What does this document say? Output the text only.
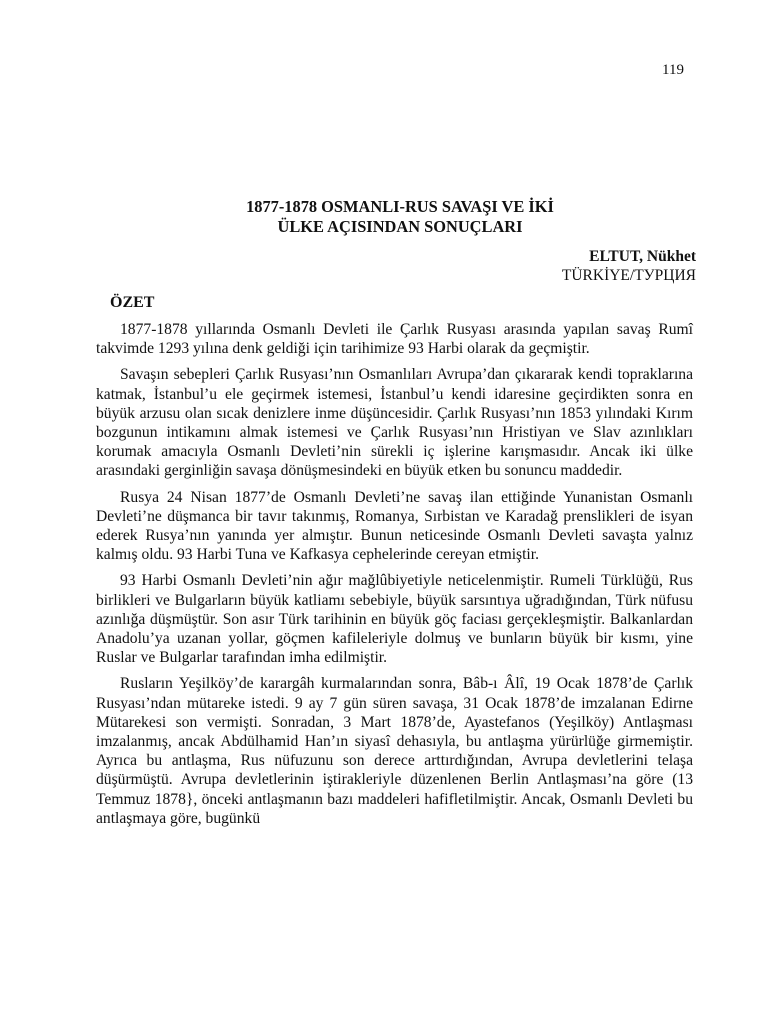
119
1877-1878 OSMANLI-RUS SAVAŞI VE İKİ
ÜLKE AÇISINDAN SONUÇLARI
ELTUT, Nükhet
TÜRKİYE/ТУРЦИЯ
ÖZET

1877-1878 yıllarında Osmanlı Devleti ile Çarlık Rusyası arasında yapılan savaş Rumî takvimde 1293 yılına denk geldiği için tarihimize 93 Harbi olarak da geçmiştir.

Savaşın sebepleri Çarlık Rusyası’nın Osmanlıları Avrupa’dan çıkararak kendi topraklarına katmak, İstanbul’u ele geçirmek istemesi, İstanbul’u kendi idaresine geçirdikten sonra en büyük arzusu olan sıcak denizlere inme düşüncesidir. Çarlık Rusyası’nın 1853 yılındaki Kırım bozgunun intikamını almak istemesi ve Çarlık Rusyası’nın Hristiyan ve Slav azınlıkları korumak amacıyla Osmanlı Devleti’nin sürekli iç işlerine karışmasıdır. Ancak iki ülke arasındaki gerginliğin savaşa dönüşmesindeki en büyük etken bu sonuncu maddedir.

Rusya 24 Nisan 1877’de Osmanlı Devleti’ne savaş ilan ettiğinde Yunanistan Osmanlı Devleti’ne düşmanca bir tavır takınmış, Romanya, Sırbistan ve Karadağ prenslikleri de isyan ederek Rusya’nın yanında yer almıştır. Bunun neticesinde Osmanlı Devleti savaşta yalnız kalmış oldu. 93 Harbi Tuna ve Kafkasya cephelerinde cereyan etmiştir.

93 Harbi Osmanlı Devleti’nin ağır mağlûbiyetiyle neticelenmiştir. Rumeli Türklüğü, Rus birlikleri ve Bulgarların büyük katliamı sebebiyle, büyük sarsıntıya uğradığından, Türk nüfusu azınlığa düşmüştür. Son asır Türk tarihinin en büyük göç faciası gerçekleşmiştir. Balkanlardan Anadolu’ya uzanan yollar, göçmen kafileleriyle dolmuş ve bunların büyük bir kısmı, yine Ruslar ve Bulgarlar tarafından imha edilmiştir.

Rusların Yeşilköy’de karargâh kurmalarından sonra, Bâb-ı Âlî, 19 Ocak 1878’de Çarlık Rusyası’ndan mütareke istedi. 9 ay 7 gün süren savaşa, 31 Ocak 1878’de imzalanan Edirne Mütarekesi son vermişti. Sonradan, 3 Mart 1878’de, Ayastefanos (Yeşilköy) Antlaşması imzalanmış, ancak Abdülhamid Han’ın siyasî dehasıyla, bu antlaşma yürürlüğe girmemiştir. Ayrıca bu antlaşma, Rus nüfuzunu son derece arttırdığından, Avrupa devletlerini telaşa düşürmüştü. Avrupa devletlerinin iştirakleriyle düzenlenen Berlin Antlaşması’na göre (13 Temmuz 1878}, önceki antlaşmanın bazı maddeleri hafifletilmiştir. Ancak, Osmanlı Devleti bu antlaşmaya göre, bugünkü
